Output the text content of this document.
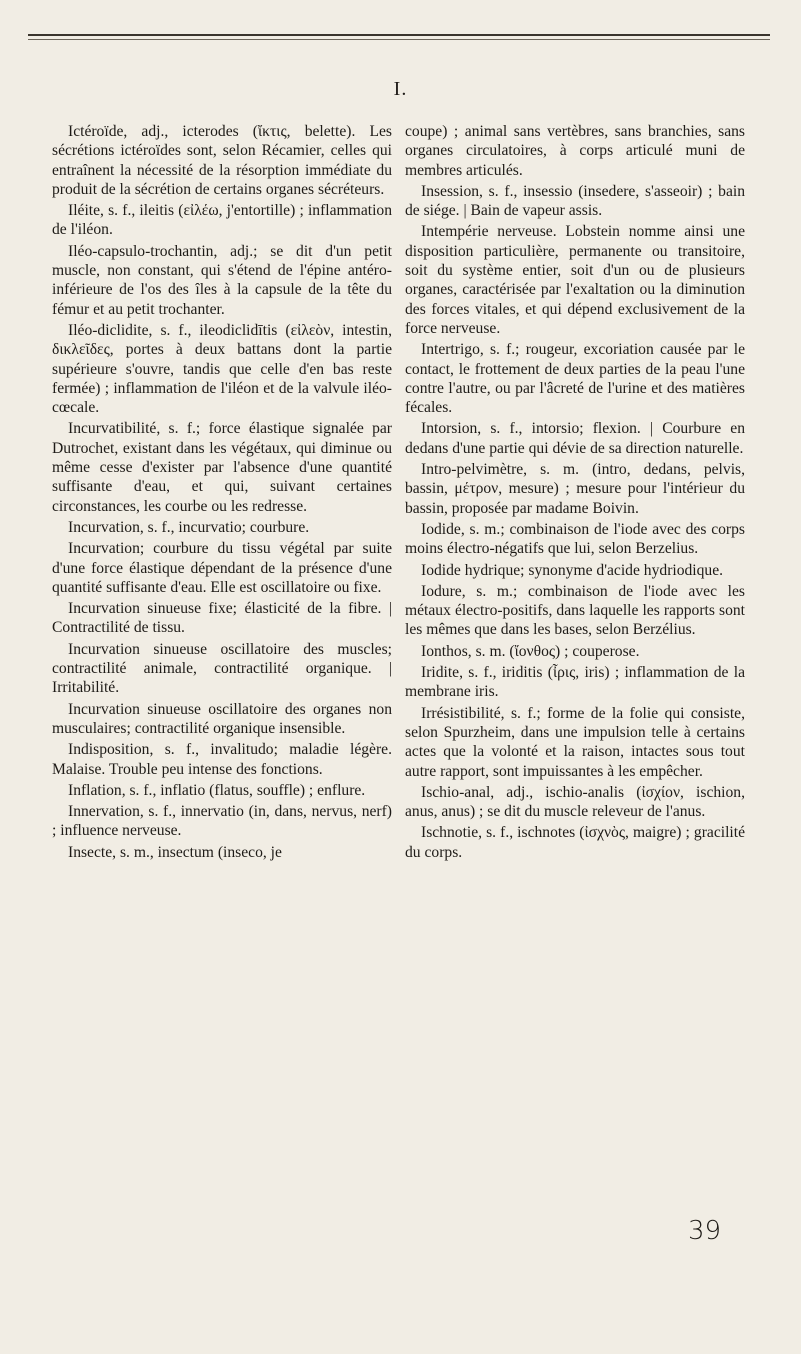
I.

Ictéroïde, adj., icterodes (ἴκτις, belette). Les sécrétions ictéroïdes sont, selon Récamier, celles qui entraînent la nécessité de la résorption immédiate du produit de la sécrétion de certains organes sécréteurs.

Iléite, s. f., ileitis (εἰλέω, j'entortille) ; inflammation de l'iléon.

Iléo-capsulo-trochantin, adj.; se dit d'un petit muscle, non constant, qui s'étend de l'épine antéro-inférieure de l'os des îles à la capsule de la tête du fémur et au petit trochanter.

Iléo-diclidite, s. f., ileodiclidītis (εἰλεὸν, intestin, δικλεῖδες, portes à deux battans dont la partie supérieure s'ouvre, tandis que celle d'en bas reste fermée) ; inflammation de l'iléon et de la valvule iléo-cœcale.

Incurvatibilité, s. f.; force élastique signalée par Dutrochet, existant dans les végétaux, qui diminue ou même cesse d'exister par l'absence d'une quantité suffisante d'eau, et qui, suivant certaines circonstances, les courbe ou les redresse.

Incurvation, s. f., incurvatio; courbure.

Incurvation; courbure du tissu végétal par suite d'une force élastique dépendant de la présence d'une quantité suffisante d'eau. Elle est oscillatoire ou fixe.

Incurvation sinueuse fixe; élasticité de la fibre. | Contractilité de tissu.

Incurvation sinueuse oscillatoire des muscles; contractilité animale, contractilité organique. | Irritabilité.

Incurvation sinueuse oscillatoire des organes non musculaires; contractilité organique insensible.

Indisposition, s. f., invalitudo; maladie légère. Malaise. Trouble peu intense des fonctions.

Inflation, s. f., inflatio (flatus, souffle) ; enflure.

Innervation, s. f., innervatio (in, dans, nervus, nerf) ; influence nerveuse.

Insecte, s. m., insectum (inseco, je

coupe) ; animal sans vertèbres, sans branchies, sans organes circulatoires, à corps articulé muni de membres articulés.

Insession, s. f., insessio (insedere, s'asseoir) ; bain de siége. | Bain de vapeur assis.

Intempérie nerveuse. Lobstein nomme ainsi une disposition particulière, permanente ou transitoire, soit du système entier, soit d'un ou de plusieurs organes, caractérisée par l'exaltation ou la diminution des forces vitales, et qui dépend exclusivement de la force nerveuse.

Intertrigo, s. f.; rougeur, excoriation causée par le contact, le frottement de deux parties de la peau l'une contre l'autre, ou par l'âcreté de l'urine et des matières fécales.

Intorsion, s. f., intorsio; flexion. | Courbure en dedans d'une partie qui dévie de sa direction naturelle.

Intro-pelvimètre, s. m. (intro, dedans, pelvis, bassin, μέτρον, mesure) ; mesure pour l'intérieur du bassin, proposée par madame Boivin.

Iodide, s. m.; combinaison de l'iode avec des corps moins électro-négatifs que lui, selon Berzelius.

Iodide hydrique; synonyme d'acide hydriodique.

Iodure, s. m.; combinaison de l'iode avec les métaux électro-positifs, dans laquelle les rapports sont les mêmes que dans les bases, selon Berzélius.

Ionthos, s. m. (ἴονθος) ; couperose.

Iridite, s. f., iriditis (ἶρις, iris) ; inflammation de la membrane iris.

Irrésistibilité, s. f.; forme de la folie qui consiste, selon Spurzheim, dans une impulsion telle à certains actes que la volonté et la raison, intactes sous tout autre rapport, sont impuissantes à les empêcher.

Ischio-anal, adj., ischio-analis (ἰσχίον, ischion, anus, anus) ; se dit du muscle releveur de l'anus.

Ischnotie, s. f., ischnotes (ἰσχνὸς, maigre) ; gracilité du corps.

39
